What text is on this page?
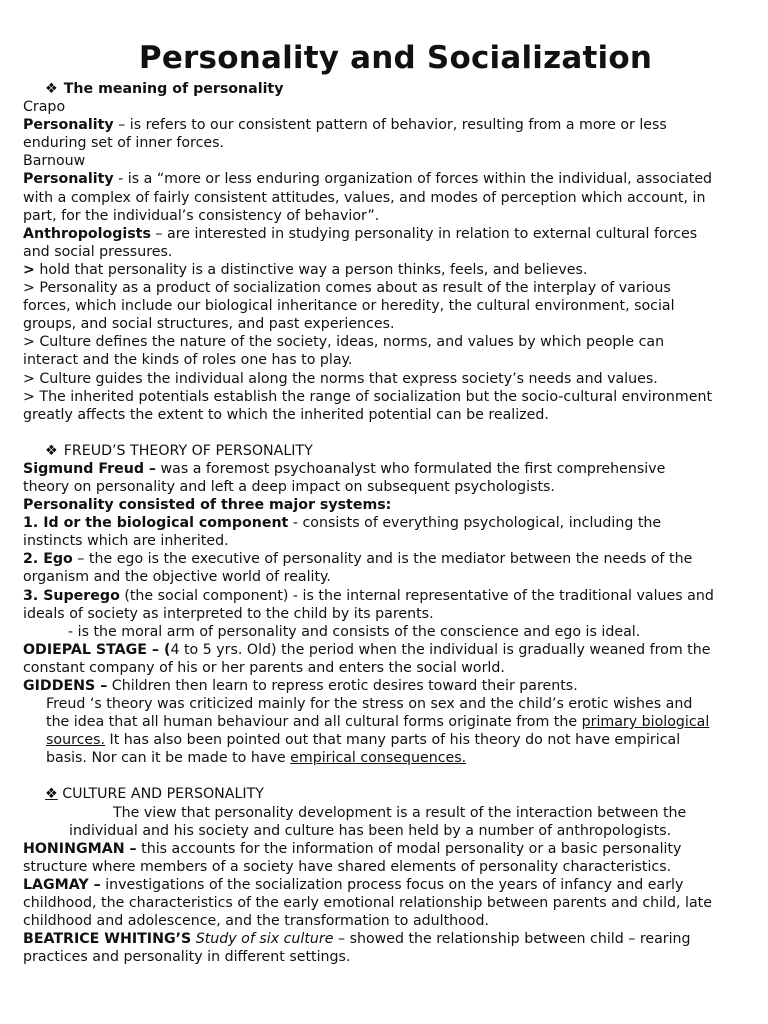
Personality and Socialization
❖ The meaning of personality
Crapo
Personality – is refers to our consistent pattern of behavior, resulting from a more or less
enduring set of inner forces.
Barnouw
Personality - is a “more or less enduring organization of forces within the individual, associated
with a complex of fairly consistent attitudes, values, and modes of perception which account, in
part, for the individual’s consistency of behavior”.
Anthropologists – are interested in studying personality in relation to external cultural forces
and social pressures.
> hold that personality is a distinctive way a person thinks, feels, and believes.
> Personality as a product of socialization comes about as result of the interplay of various
forces, which include our biological inheritance or heredity, the cultural environment, social
groups, and social structures, and past experiences.
> Culture defines the nature of the society, ideas, norms, and values by which people can
interact and the kinds of roles one has to play.
> Culture guides the individual along the norms that express society’s needs and values.
> The inherited potentials establish the range of socialization but the socio-cultural environment
greatly affects the extent to which the inherited potential can be realized.
❖ FREUD’S THEORY OF PERSONALITY
Sigmund Freud – was a foremost psychoanalyst who formulated the first comprehensive
theory on personality and left a deep impact on subsequent psychologists.
Personality consisted of three major systems:
1. Id or the biological component - consists of everything psychological, including the
instincts which are inherited.
2. Ego – the ego is the executive of personality and is the mediator between the needs of the
organism and the objective world of reality.
3. Superego (the social component) - is the internal representative of the traditional values and
ideals of society as interpreted to the child by its parents.
- is the moral arm of personality and consists of the conscience and ego is ideal.
ODIEPAL STAGE – (4 to 5 yrs. Old) the period when the individual is gradually weaned from the
constant company of his or her parents and enters the social world.
GIDDENS – Children then learn to repress erotic desires toward their parents.
Freud ‘s theory was criticized mainly for the stress on sex and the child’s erotic wishes and
the idea that all human behaviour and all cultural forms originate from the primary biological
sources. It has also been pointed out that many parts of his theory do not have empirical
basis. Nor can it be made to have empirical consequences.
❖ CULTURE AND PERSONALITY
The view that personality development is a result of the interaction between the
individual and his society and culture has been held by a number of anthropologists.
HONINGMAN – this accounts for the information of modal personality or a basic personality
structure where members of a society have shared elements of personality characteristics.
LAGMAY – investigations of the socialization process focus on the years of infancy and early
childhood, the characteristics of the early emotional relationship between parents and child, late
childhood and adolescence, and the transformation to adulthood.
BEATRICE WHITING’S Study of six culture – showed the relationship between child – rearing
practices and personality in different settings.
